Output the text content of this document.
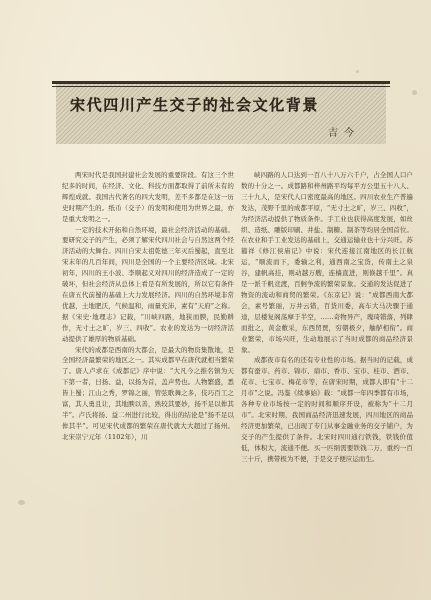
宋代四川产生交子的社会文化背景
吉今

两宋时代是我国封建社会发展的重要阶段。有这三个世纪多的时间，在经济、文化、科技方面都取得了前所未有的辉煌成就。我国古代著名的四大发明，差不多都是在这一历史时期产生的。纸币（交子）的发明和使用为世界之最，亦是重大发明之一。

一定的技术开拓和自然环境，最社会经济活动的基础。要研究交子的产生，必须了解宋代四川社会与自然这两个经济活动的大舞台。四川自宋太祖乾德三年灭后蜀起，直至北宋末年的几百年间，四川是全国的一个主要经济区域。北宋初年，四川的王小波、李顺起义对四川的经济造成了一定的破坏，但社会经济从总体上看是有所发展的，所以它有条件在唐五代前蜀的基础上大力发展经济。四川的自然环境非常优越，土地肥沃，气候温和，雨量充沛，素有“天府”之称。据《宋史·地理志》记载，“川峡四路，地狭而腴，民勤耕作，无寸土之旷，岁三、四收”。农业的发达为一切经济活动提供了雄厚的物质基础。

宋代的成都是西南的大都会，是最大的物资集散地，是全国经济最繁荣的地区之一。其实成都早在唐代就相当繁荣了。唐人卢求在《成都记》序中说：“大凡今之推名镇为天下第一者，曰扬、益，以扬为首，盖声势也。人物繁盛，悉皆上蜀；江山之秀，罗锦之丽，管弦歌舞之多，伎巧百工之富，其人勇且让，其地腴以善，熟较其要妙，扬不足以侔其半”。卢氏将扬、益二州进行比较，得出的结论是“扬不足以侔其半”。可见宋代成都的繁荣在唐代就大大超过了扬州。北宋崇宁元年（1102年），川

峡四路的人口达到一百八十八万六千户，占全国人口户数的十分之一。成都路和梓州路平均每平方公里五十八人、三十九人，是宋代人口密度最高的地区。四川农业生产普遍发达，茂野千里的成都平原，“无寸土之旷，岁三、四收”，为经济活动提供了物质条件。手工业也获得高度发展，如丝织、造纸、雕版印刷、井盐、制糖、制茶等均居全国首位。在农业和手工业发达的基础上，交通运输业也十分兴旺。苏籀祥《修江侯庙记》中说：宋代连接江南地区的长江航运，“顺流而下，委输之利，通西南之宝货，传南土之泉谷，建帆高挂，则动越万艘，连樯直进，则倏越千里”。真是一派千帆竞渡，百舸争流的繁荣景象。交通的发达促进了物资的流动和商贸的繁荣。《东京记》说：“成都西南大都会，素号繁丽，万井云错，百货川委，高车大马决骤于通逵，层楼复阁荡摩于半空，……奇物异产，瑰琦错落，列肆而批之，黄金敷采，东西贸贾，穷朝极夕，舳舻相衔”。商业繁荣，市场兴旺，生动地展示了当时成都的商品经济景象。

成都夜市有名的还有专业性的市场。据当时的记载，成都有蚕市、药市、锦市、扇市、香市、宝市、桂市、酒市、花市、七宝市、梅花市等，在唐宋时期，成都人即有“十二月市”之说。冯鉴《续事始》载：“成都一年四季都有市场，各种专业市场按一定的时间和顺序开设，被称为“十二月市”。北宋时期，我国商品经济迅速发展，四川地区的商品经济更加繁荣，已出现了专门从事金融业务的交子铺户，为交子的产生提供了条件。北宋时四川通行铁钱，铁钱价值低，体积大，流通不便。买一匹绢需要铁钱二万，重约一百三十斤，携带极为不便，于是交子便应运而生。
